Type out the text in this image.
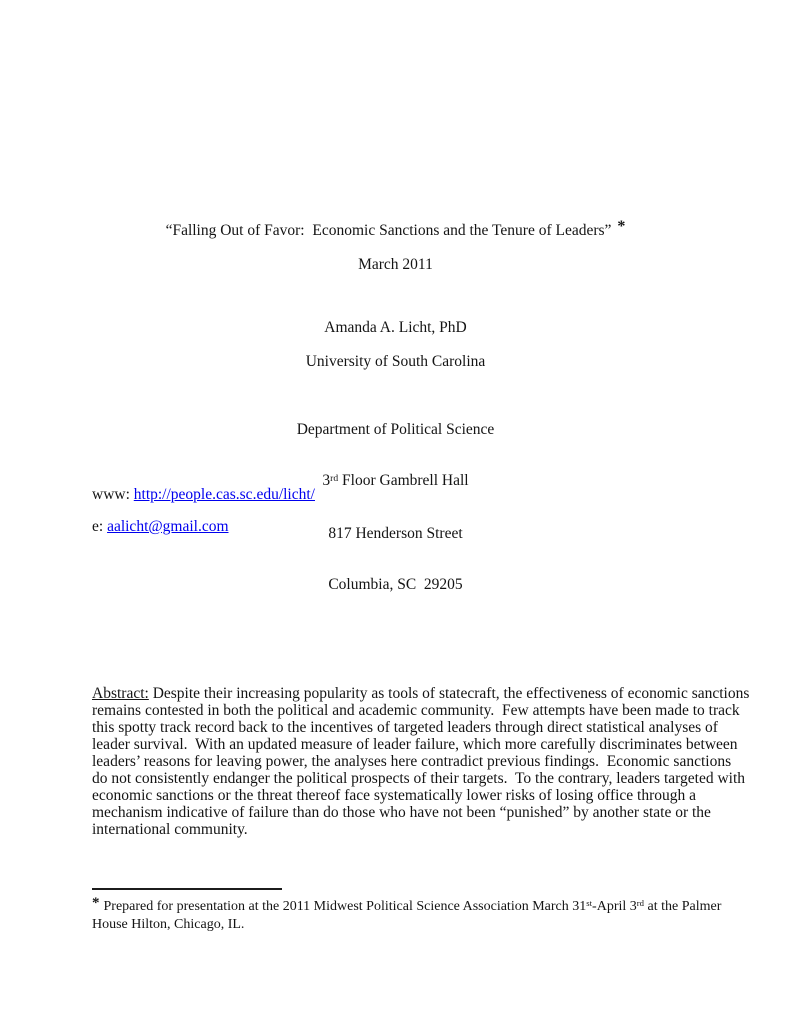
“Falling Out of Favor:  Economic Sanctions and the Tenure of Leaders” *
March 2011
Amanda A. Licht, PhD
University of South Carolina

Department of Political Science

3rd Floor Gambrell Hall

817 Henderson Street

Columbia, SC  29205

www: http://people.cas.sc.edu/licht/
e: aalicht@gmail.com
Abstract: Despite their increasing popularity as tools of statecraft, the effectiveness of economic sanctions
remains contested in both the political and academic community.  Few attempts have been made to track
this spotty track record back to the incentives of targeted leaders through direct statistical analyses of
leader survival.  With an updated measure of leader failure, which more carefully discriminates between
leaders’ reasons for leaving power, the analyses here contradict previous findings.  Economic sanctions
do not consistently endanger the political prospects of their targets.  To the contrary, leaders targeted with
economic sanctions or the threat thereof face systematically lower risks of losing office through a
mechanism indicative of failure than do those who have not been “punished” by another state or the
international community.
* Prepared for presentation at the 2011 Midwest Political Science Association March 31st-April 3rd at the Palmer
House Hilton, Chicago, IL.
